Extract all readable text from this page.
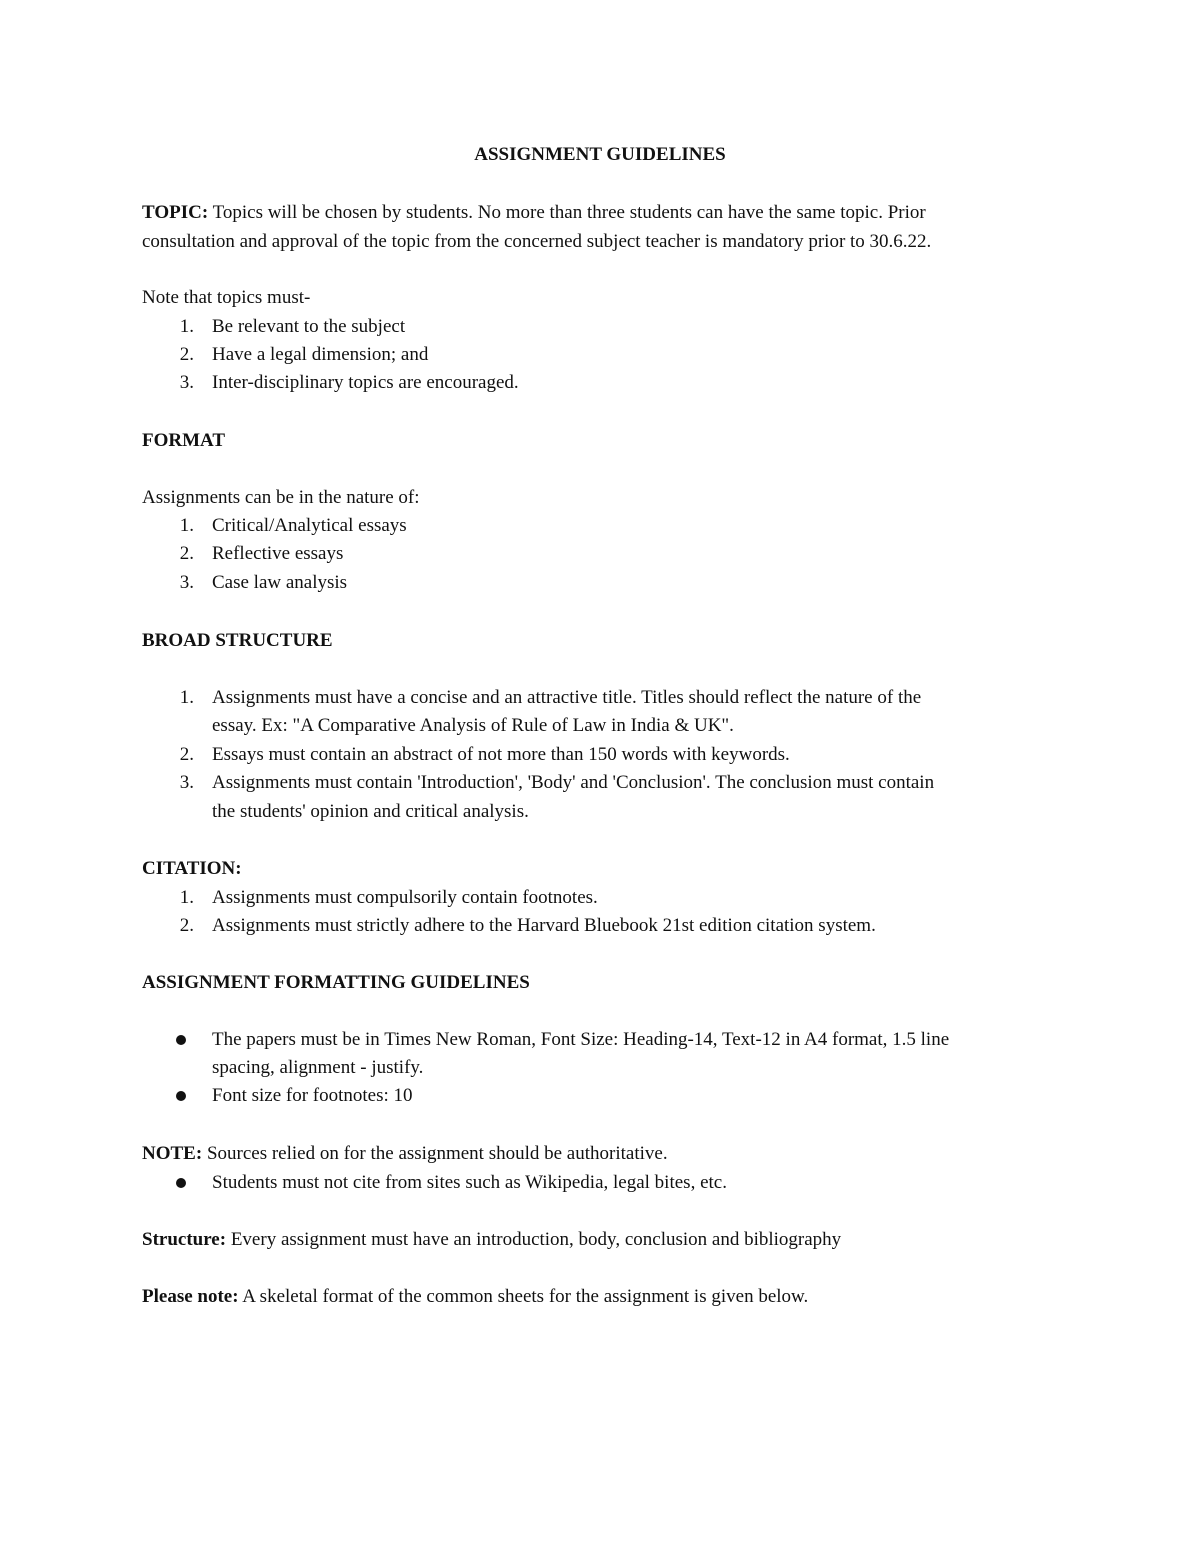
ASSIGNMENT GUIDELINES
TOPIC: Topics will be chosen by students. No more than three students can have the same topic. Prior
consultation and approval of the topic from the concerned subject teacher is mandatory prior to 30.6.22.
Note that topics must-
1. Be relevant to the subject
2. Have a legal dimension; and
3. Inter-disciplinary topics are encouraged.
FORMAT
Assignments can be in the nature of:
1. Critical/Analytical essays
2. Reflective essays
3. Case law analysis
BROAD STRUCTURE
1. Assignments must have a concise and an attractive title. Titles should reflect the nature of the
essay. Ex: "A Comparative Analysis of Rule of Law in India & UK".
2. Essays must contain an abstract of not more than 150 words with keywords.
3. Assignments must contain 'Introduction', 'Body' and 'Conclusion'. The conclusion must contain
the students' opinion and critical analysis.
CITATION:
1. Assignments must compulsorily contain footnotes.
2. Assignments must strictly adhere to the Harvard Bluebook 21st edition citation system.
ASSIGNMENT FORMATTING GUIDELINES
The papers must be in Times New Roman, Font Size: Heading-14, Text-12 in A4 format, 1.5 line
spacing, alignment - justify.
Font size for footnotes: 10
NOTE: Sources relied on for the assignment should be authoritative.
Students must not cite from sites such as Wikipedia, legal bites, etc.
Structure: Every assignment must have an introduction, body, conclusion and bibliography
Please note: A skeletal format of the common sheets for the assignment is given below.
